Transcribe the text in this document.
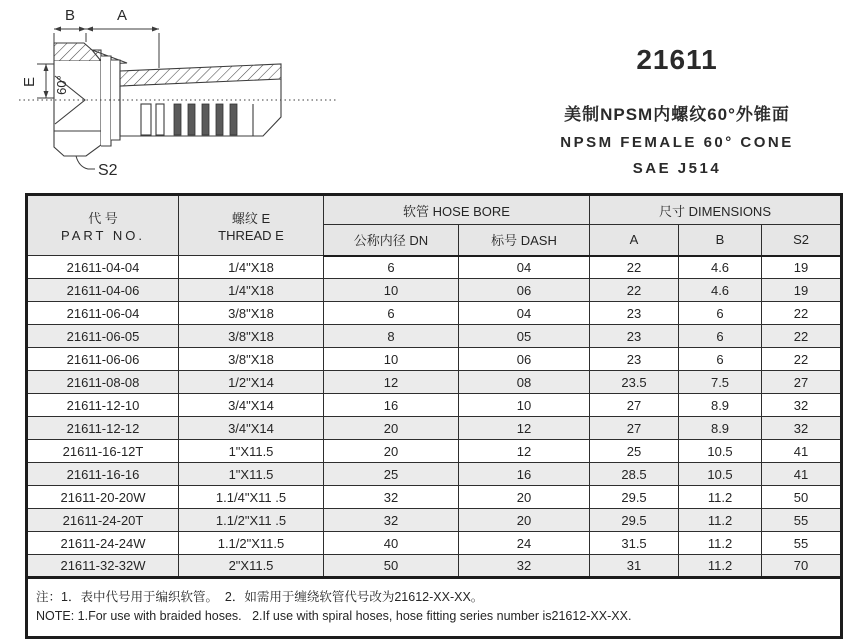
B	A
E 60°
S2
21611
美制NPSM内螺纹60°外锥面
NPSM FEMALE 60° CONE
SAE J514
代 号
PART NO.

螺纹 E
THREAD E
	软管 HOSE BORE	尺寸 DIMENSIONS
		公称内径 DN	标号 DASH	A	B	S2
21611-04-04	1/4"X18	6	04	22	4.6	19
21611-04-06	1/4"X18	10	06	22	4.6	19
21611-06-04	3/8"X18	6	04	23	6	22
21611-06-05	3/8"X18	8	05	23	6	22
21611-06-06	3/8"X18	10	06	23	6	22
21611-08-08	1/2"X14	12	08	23.5	7.5	27
21611-12-10	3/4"X14	16	10	27	8.9	32
21611-12-12	3/4"X14	20	12	27	8.9	32
21611-16-12T	1"X11.5	20	12	25	10.5	41
21611-16-16	1"X11.5	25	16	28.5	10.5	41
21611-20-20W	1.1/4"X11 .5	32	20	29.5	11.2	50
21611-24-20T	1.1/2"X11 .5	32	20	29.5	11.2	55
21611-24-24W	1.1/2"X11.5	40	24	31.5	11.2	55
21611-32-32W	2"X11.5	50	32	31	11.2	70

注：1．表中代号用于编织软管。  2．如需用于缠绕软管代号改为21612-XX-XX。
NOTE: 1.For use with braided hoses.   2.If use with spiral hoses, hose fitting series number is21612-XX-XX.						
